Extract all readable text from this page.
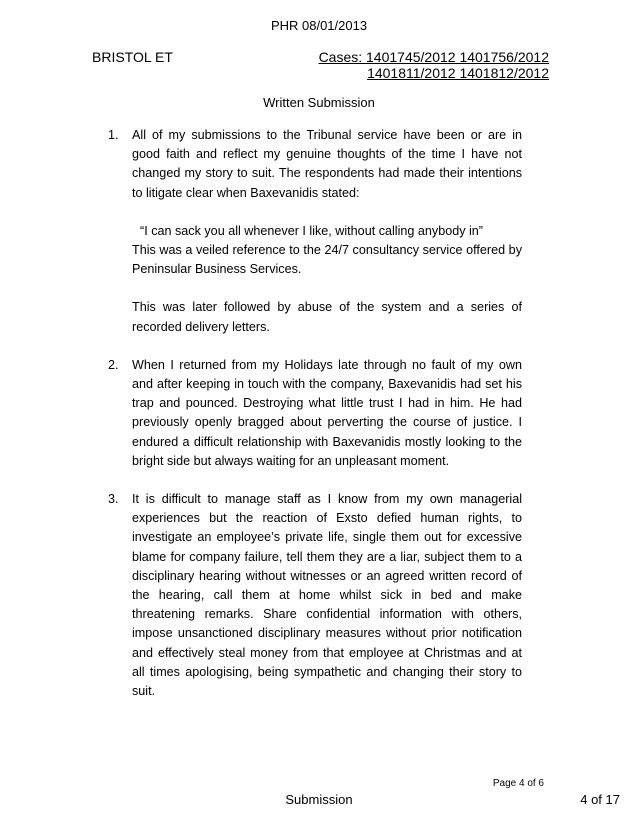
PHR 08/01/2013
BRISTOL ET	Cases: 1401745/2012 1401756/2012
1401811/2012 1401812/2012
Written Submission
1. All of my submissions to the Tribunal service have been or are in good faith and reflect my genuine thoughts of the time I have not changed my story to suit. The respondents had made their intentions to litigate clear when Baxevanidis stated:

“I can sack you all whenever I like, without calling anybody in”

This was a veiled reference to the 24/7 consultancy service offered by Peninsular Business Services.

This was later followed by abuse of the system and a series of recorded delivery letters.

2. When I returned from my Holidays late through no fault of my own and after keeping in touch with the company, Baxevanidis had set his trap and pounced. Destroying what little trust I had in him. He had previously openly bragged about perverting the course of justice. I endured a difficult relationship with Baxevanidis mostly looking to the bright side but always waiting for an unpleasant moment.

3. It is difficult to manage staff as I know from my own managerial experiences but the reaction of Exsto defied human rights, to investigate an employee’s private life, single them out for excessive blame for company failure, tell them they are a liar, subject them to a disciplinary hearing without witnesses or an agreed written record of the hearing, call them at home whilst sick in bed and make threatening remarks. Share confidential information with others, impose unsanctioned disciplinary measures without prior notification and effectively steal money from that employee at Christmas and at all times apologising, being sympathetic and changing their story to suit.

Page 4 of 6
Submission	4 of 17
